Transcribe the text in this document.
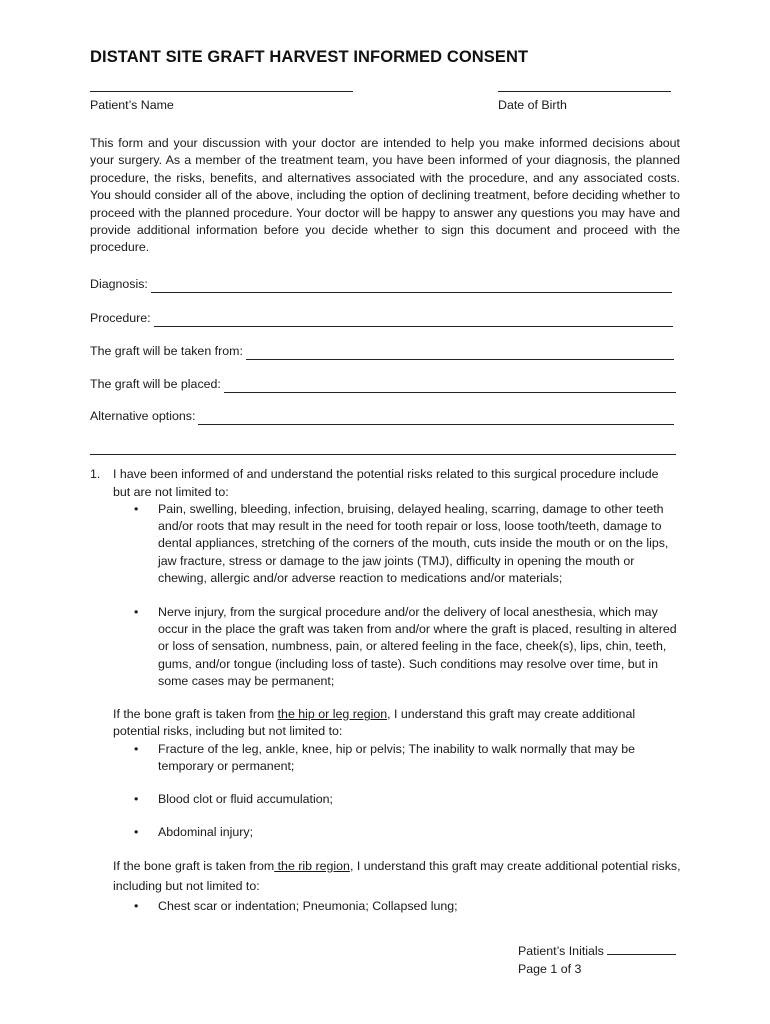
DISTANT SITE GRAFT HARVEST INFORMED CONSENT
Patient’s Name	Date of Birth
This form and your discussion with your doctor are intended to help you make informed decisions about your surgery. As a member of the treatment team, you have been informed of your diagnosis, the planned procedure, the risks, benefits, and alternatives associated with the procedure, and any associated costs. You should consider all of the above, including the option of declining treatment, before deciding whether to proceed with the planned procedure. Your doctor will be happy to answer any questions you may have and provide additional information before you decide whether to sign this document and proceed with the procedure.
Diagnosis:
Procedure:
The graft will be taken from:
The graft will be placed:
Alternative options:
1. I have been informed of and understand the potential risks related to this surgical procedure include
but are not limited to:
• Pain, swelling, bleeding, infection, bruising, delayed healing, scarring, damage to other teeth and/or roots that may result in the need for tooth repair or loss, loose tooth/teeth, damage to dental appliances, stretching of the corners of the mouth, cuts inside the mouth or on the lips, jaw fracture, stress or damage to the jaw joints (TMJ), difficulty in opening the mouth or chewing, allergic and/or adverse reaction to medications and/or materials;
• Nerve injury, from the surgical procedure and/or the delivery of local anesthesia, which may occur in the place the graft was taken from and/or where the graft is placed, resulting in altered or loss of sensation, numbness, pain, or altered feeling in the face, cheek(s), lips, chin, teeth, gums, and/or tongue (including loss of taste). Such conditions may resolve over time, but in some cases may be permanent;
If the bone graft is taken from the hip or leg region, I understand this graft may create additional potential risks, including but not limited to:
• Fracture of the leg, ankle, knee, hip or pelvis; The inability to walk normally that may be temporary or permanent;
• Blood clot or fluid accumulation;
• Abdominal injury;
If the bone graft is taken from the rib region, I understand this graft may create additional potential risks, including but not limited to:
• Chest scar or indentation; Pneumonia; Collapsed lung;
Patient’s Initials
Page 1 of 3
